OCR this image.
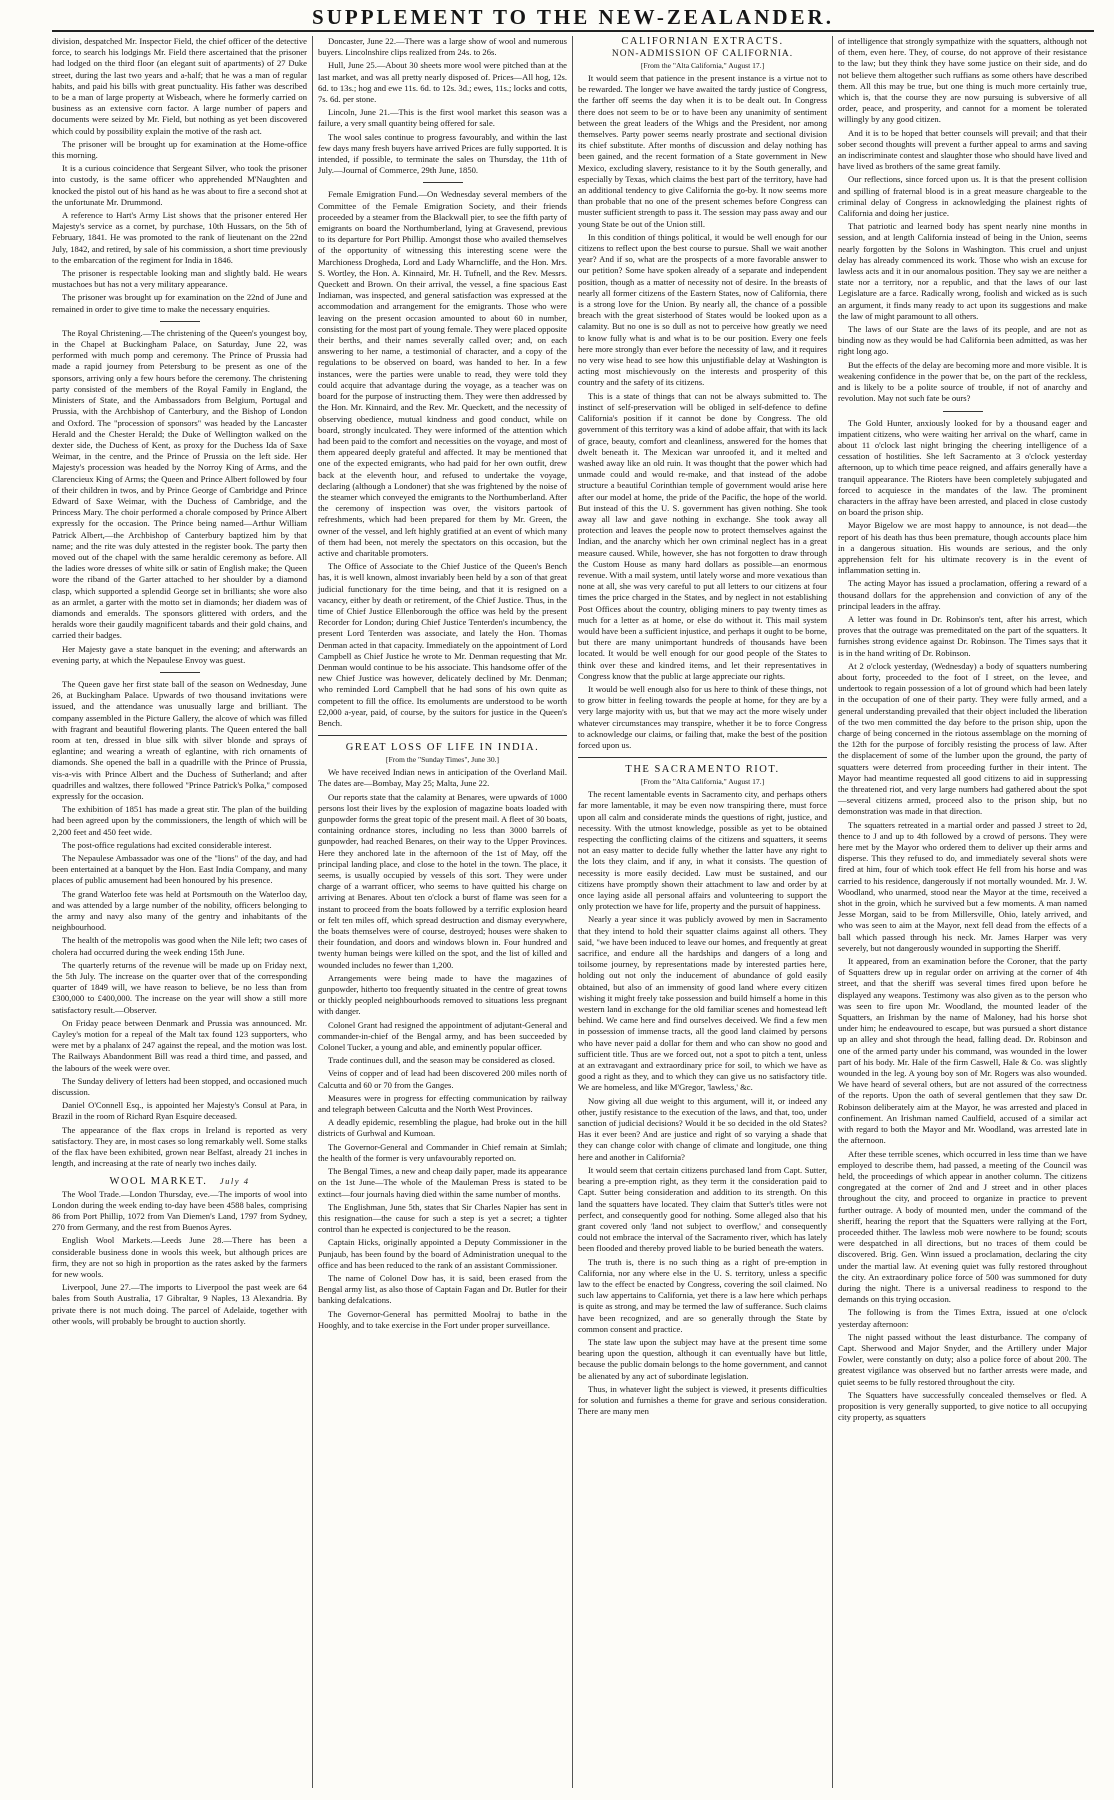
SUPPLEMENT TO THE NEW-ZEALANDER.

division, despatched Mr. Inspector Field, the chief officer of the detective force, to search his lodgings Mr. Field there ascertained that the prisoner had lodged on the third floor (an elegant suit of apartments) of 27 Duke street, during the last two years and a-half; that he was a man of regular habits, and paid his bills with great punctuality. His father was described to be a man of large property at Wisbeach, where he formerly carried on business as an extensive corn factor. A large number of papers and documents were seized by Mr. Field, but nothing as yet been discovered which could by possibility explain the motive of the rash act.

The prisoner will be brought up for examination at the Home-office this morning.

It is a curious coincidence that Sergeant Silver, who took the prisoner into custody, is the same officer who apprehended M'Naughten and knocked the pistol out of his hand as he was about to fire a second shot at the unfortunate Mr. Drummond.

A reference to Hart's Army List shows that the prisoner entered Her Majesty's service as a cornet, by purchase, 10th Hussars, on the 5th of February, 1841. He was promoted to the rank of lieutenant on the 22nd July, 1842, and retired, by sale of his commission, a short time previously to the embarcation of the regiment for India in 1846.

The prisoner is respectable looking man and slightly bald. He wears mustachoes but has not a very military appearance.

The prisoner was brought up for examination on the 22nd of June and remained in order to give time to make the necessary enquiries.

The Royal Christening.—The christening of the Queen's youngest boy, in the Chapel at Buckingham Palace, on Saturday, June 22, was performed with much pomp and ceremony. The Prince of Prussia had made a rapid journey from Petersburg to be present as one of the sponsors, arriving only a few hours before the ceremony. The christening party consisted of the members of the Royal Family in England, the Ministers of State, and the Ambassadors from Belgium, Portugal and Prussia, with the Archbishop of Canterbury, and the Bishop of London and Oxford. The "procession of sponsors" was headed by the Lancaster Herald and the Chester Herald; the Duke of Wellington walked on the dexter side, the Duchess of Kent, as proxy for the Duchess Ida of Saxe Weimar, in the centre, and the Prince of Prussia on the left side. Her Majesty's procession was headed by the Norroy King of Arms, and the Clarencieux King of Arms; the Queen and Prince Albert followed by four of their children in twos, and by Prince George of Cambridge and Prince Edward of Saxe Weimar, with the Duchess of Cambridge, and the Princess Mary. The choir performed a chorale composed by Prince Albert expressly for the occasion. The Prince being named—Arthur William Patrick Albert,—the Archbishop of Canterbury baptized him by that name; and the rite was duly attested in the register book. The party then moved out of the chapel with the same heraldic ceremony as before. All the ladies wore dresses of white silk or satin of English make; the Queen wore the riband of the Garter attached to her shoulder by a diamond clasp, which supported a splendid George set in brilliants; she wore also as an armlet, a garter with the motto set in diamonds; her diadem was of diamonds and emeralds. The sponsors glittered with orders, and the heralds wore their gaudily magnificent tabards and their gold chains, and carried their badges.

Her Majesty gave a state banquet in the evening; and afterwards an evening party, at which the Nepaulese Envoy was guest.

The Queen gave her first state ball of the season on Wednesday, June 26, at Buckingham Palace. Upwards of two thousand invitations were issued, and the attendance was unusually large and brilliant. The company assembled in the Picture Gallery, the alcove of which was filled with fragrant and beautiful flowering plants. The Queen entered the ball room at ten, dressed in blue silk with silver blonde and sprays of eglantine; and wearing a wreath of eglantine, with rich ornaments of diamonds. She opened the ball in a quadrille with the Prince of Prussia, vis-a-vis with Prince Albert and the Duchess of Sutherland; and after quadrilles and waltzes, there followed "Prince Patrick's Polka," composed expressly for the occasion.

The exhibition of 1851 has made a great stir. The plan of the building had been agreed upon by the commissioners, the length of which will be 2,200 feet and 450 feet wide.

The post-office regulations had excited considerable interest.

The Nepaulese Ambassador was one of the "lions" of the day, and had been entertained at a banquet by the Hon. East India Company, and many places of public amusement had been honoured by his presence.

The grand Waterloo fete was held at Portsmouth on the Waterloo day, and was attended by a large number of the nobility, officers belonging to the army and navy also many of the gentry and inhabitants of the neighbourhood.

The health of the metropolis was good when the Nile left; two cases of cholera had occurred during the week ending 15th June.

The quarterly returns of the revenue will be made up on Friday next, the 5th July. The increase on the quarter over that of the corresponding quarter of 1849 will, we have reason to believe, be no less than from £300,000 to £400,000. The increase on the year will show a still more satisfactory result.—Observer.

On Friday peace between Denmark and Prussia was announced. Mr. Cayley's motion for a repeal of the Malt tax found 123 supporters, who were met by a phalanx of 247 against the repeal, and the motion was lost. The Railways Abandonment Bill was read a third time, and passed, and the labours of the week were over.

The Sunday delivery of letters had been stopped, and occasioned much discussion.

Daniel O'Connell Esq., is appointed her Majesty's Consul at Para, in Brazil in the room of Richard Ryan Esquire deceased.

The appearance of the flax crops in Ireland is reported as very satisfactory. They are, in most cases so long remarkably well. Some stalks of the flax have been exhibited, grown near Belfast, already 21 inches in length, and increasing at the rate of nearly two inches daily.

WOOL MARKET. July 4

The Wool Trade.—London Thursday, eve.—The imports of wool into London during the week ending to-day have been 4588 bales, comprising 86 from Port Phillip, 1072 from Van Diemen's Land, 1797 from Sydney, 270 from Germany, and the rest from Buenos Ayres.

English Wool Markets.—Leeds June 28.—There has been a considerable business done in wools this week, but although prices are firm, they are not so high in proportion as the rates asked by the farmers for new wools.

Liverpool, June 27.—The imports to Liverpool the past week are 64 bales from South Australia, 17 Gibraltar, 9 Naples, 13 Alexandria. By private there is not much doing. The parcel of Adelaide, together with other wools, will probably be brought to auction shortly.

Doncaster, June 22.—There was a large show of wool and numerous buyers. Lincolnshire clips realized from 24s. to 26s.

Hull, June 25.—About 30 sheets more wool were pitched than at the last market, and was all pretty nearly disposed of. Prices—All hog, 12s. 6d. to 13s.; hog and ewe 11s. 6d. to 12s. 3d.; ewes, 11s.; locks and cotts, 7s. 6d. per stone.

Lincoln, June 21.—This is the first wool market this season was a failure, a very small quantity being offered for sale.

The wool sales continue to progress favourably, and within the last few days many fresh buyers have arrived Prices are fully supported. It is intended, if possible, to terminate the sales on Thursday, the 11th of July.—Journal of Commerce, 29th June, 1850.

Female Emigration Fund.—On Wednesday several members of the Committee of the Female Emigration Society, and their friends proceeded by a steamer from the Blackwall pier, to see the fifth party of emigrants on board the Northumberland, lying at Gravesend, previous to its departure for Port Phillip. Amongst those who availed themselves of the opportunity of witnessing this interesting scene were the Marchioness Drogheda, Lord and Lady Wharncliffe, and the Hon. Mrs. S. Wortley, the Hon. A. Kinnaird, Mr. H. Tufnell, and the Rev. Messrs. Queckett and Brown. On their arrival, the vessel, a fine spacious East Indiaman, was inspected, and general satisfaction was expressed at the accommodation and arrangement for the emigrants. Those who were leaving on the present occasion amounted to about 60 in number, consisting for the most part of young female. They were placed opposite their berths, and their names severally called over; and, on each answering to her name, a testimonial of character, and a copy of the regulations to be observed on board, was handed to her. In a few instances, were the parties were unable to read, they were told they could acquire that advantage during the voyage, as a teacher was on board for the purpose of instructing them. They were then addressed by the Hon. Mr. Kinnaird, and the Rev. Mr. Queckett, and the necessity of observing obedience, mutual kindness and good conduct, while on board, strongly inculcated. They were informed of the attention which had been paid to the comfort and necessities on the voyage, and most of them appeared deeply grateful and affected. It may be mentioned that one of the expected emigrants, who had paid for her own outfit, drew back at the eleventh hour, and refused to undertake the voyage, declaring (although a Londoner) that she was frightened by the noise of the steamer which conveyed the emigrants to the Northumberland. After the ceremony of inspection was over, the visitors partook of refreshments, which had been prepared for them by Mr. Green, the owner of the vessel, and left highly gratified at an event of which many of them had been, not merely the spectators on this occasion, but the active and charitable promoters.

The Office of Associate to the Chief Justice of the Queen's Bench has, it is well known, almost invariably been held by a son of that great judicial functionary for the time being, and that it is resigned on a vacancy, either by death or retirement, of the Chief Justice. Thus, in the time of Chief Justice Ellenborough the office was held by the present Recorder for London; during Chief Justice Tenterden's incumbency, the present Lord Tenterden was associate, and lately the Hon. Thomas Denman acted in that capacity. Immediately on the appointment of Lord Campbell as Chief Justice he wrote to Mr. Denman requesting that Mr. Denman would continue to be his associate. This handsome offer of the new Chief Justice was however, delicately declined by Mr. Denman; who reminded Lord Campbell that he had sons of his own quite as competent to fill the office. Its emoluments are understood to be worth £2,000 a-year, paid, of course, by the suitors for justice in the Queen's Bench.

GREAT LOSS OF LIFE IN INDIA.
[From the "Sunday Times", June 30.]

We have received Indian news in anticipation of the Overland Mail. The dates are—Bombay, May 25; Malta, June 22.

Our reports state that the calamity at Benares, were upwards of 1000 persons lost their lives by the explosion of magazine boats loaded with gunpowder forms the great topic of the present mail. A fleet of 30 boats, containing ordnance stores, including no less than 3000 barrels of gunpowder, had reached Benares, on their way to the Upper Provinces. Here they anchored late in the afternoon of the 1st of May, off the principal landing place, and close to the hotel in the town. The place, it seems, is usually occupied by vessels of this sort. They were under charge of a warrant officer, who seems to have quitted his charge on arriving at Benares. About ten o'clock a burst of flame was seen for a instant to proceed from the boats followed by a terrific explosion heard or felt ten miles off, which spread destruction and dismay everywhere, the boats themselves were of course, destroyed; houses were shaken to their foundation, and doors and windows blown in. Four hundred and twenty human beings were killed on the spot, and the list of killed and wounded includes no fewer than 1,200.

Arrangements were being made to have the magazines of gunpowder, hitherto too frequently situated in the centre of great towns or thickly peopled neighbourhoods removed to situations less pregnant with danger.

Colonel Grant had resigned the appointment of adjutant-General and commander-in-chief of the Bengal army, and has been succeeded by Colonel Tucker, a young and able, and eminently popular officer.

Trade continues dull, and the season may be considered as closed.

Veins of copper and of lead had been discovered 200 miles north of Calcutta and 60 or 70 from the Ganges.

Measures were in progress for effecting communication by railway and telegraph between Calcutta and the North West Provinces.

A deadly epidemic, resembling the plague, had broke out in the hill districts of Gurhwal and Kumoan.

The Governor-General and Commander in Chief remain at Simlah; the health of the former is very unfavourably reported on.

The Bengal Times, a new and cheap daily paper, made its appearance on the 1st June—The whole of the Mauleman Press is stated to be extinct—four journals having died within the same number of months.

The Englishman, June 5th, states that Sir Charles Napier has sent in this resignation—the cause for such a step is yet a secret; a tighter control than he expected is conjectured to be the reason.

Captain Hicks, originally appointed a Deputy Commissioner in the Punjaub, has been found by the board of Administration unequal to the office and has been reduced to the rank of an assistant Commissioner.

The name of Colonel Dow has, it is said, been erased from the Bengal army list, as also those of Captain Fagan and Dr. Butler for their banking defalcations.

The Governor-General has permitted Moolraj to bathe in the Hooghly, and to take exercise in the Fort under proper surveillance.

CALIFORNIAN EXTRACTS.
NON-ADMISSION OF CALIFORNIA.
[From the "Alta California," August 17.]

It would seem that patience in the present instance is a virtue not to be rewarded. The longer we have awaited the tardy justice of Congress, the farther off seems the day when it is to be dealt out. In Congress there does not seem to be or to have been any unanimity of sentiment between the great leaders of the Whigs and the President, nor among themselves. Party power seems nearly prostrate and sectional division its chief substitute. After months of discussion and delay nothing has been gained, and the recent formation of a State government in New Mexico, excluding slavery, resistance to it by the South generally, and especially by Texas, which claims the best part of the territory, have had an additional tendency to give California the go-by. It now seems more than probable that no one of the present schemes before Congress can muster sufficient strength to pass it. The session may pass away and our young State be out of the Union still.

In this condition of things political, it would be well enough for our citizens to reflect upon the best course to pursue. Shall we wait another year? And if so, what are the prospects of a more favorable answer to our petition? Some have spoken already of a separate and independent position, though as a matter of necessity not of desire. In the breasts of nearly all former citizens of the Eastern States, now of California, there is a strong love for the Union. By nearly all, the chance of a possible breach with the great sisterhood of States would be looked upon as a calamity. But no one is so dull as not to perceive how greatly we need to know fully what is and what is to be our position. Every one feels here more strongly than ever before the necessity of law, and it requires no very wise head to see how this unjustifiable delay at Washington is acting most mischievously on the interests and prosperity of this country and the safety of its citizens.

This is a state of things that can not be always submitted to. The instinct of self-preservation will be obliged in self-defence to define California's position if it cannot be done by Congress. The old government of this territory was a kind of adobe affair, that with its lack of grace, beauty, comfort and cleanliness, answered for the homes that dwelt beneath it. The Mexican war unroofed it, and it melted and washed away like an old ruin. It was thought that the power which had unmade could and would re-make, and that instead of the adobe structure a beautiful Corinthian temple of government would arise here after our model at home, the pride of the Pacific, the hope of the world. But instead of this the U. S. government has given nothing. She took away all law and gave nothing in exchange. She took away all protection and leaves the people now to protect themselves against the Indian, and the anarchy which her own criminal neglect has in a great measure caused. While, however, she has not forgotten to draw through the Custom House as many hard dollars as possible—an enormous revenue. With a mail system, until lately worse and more vexatious than none at all, she was very careful to put all letters to our citizens at four times the price charged in the States, and by neglect in not establishing Post Offices about the country, obliging miners to pay twenty times as much for a letter as at home, or else do without it. This mail system would have been a sufficient injustice, and perhaps it ought to be borne, but there are many unimportant hundreds of thousands have been located. It would be well enough for our good people of the States to think over these and kindred items, and let their representatives in Congress know that the public at large appreciate our rights.

It would be well enough also for us here to think of these things, not to grow bitter in feeling towards the people at home, for they are by a very large majority with us, but that we may act the more wisely under whatever circumstances may transpire, whether it be to force Congress to acknowledge our claims, or failing that, make the best of the position forced upon us.

THE SACRAMENTO RIOT.
[From the "Alta California," August 17.]

The recent lamentable events in Sacramento city, and perhaps others far more lamentable, it may be even now transpiring there, must force upon all calm and considerate minds the questions of right, justice, and necessity. With the utmost knowledge, possible as yet to be obtained respecting the conflicting claims of the citizens and squatters, it seems not an easy matter to decide fully whether the latter have any right to the lots they claim, and if any, in what it consists. The question of necessity is more easily decided. Law must be sustained, and our citizens have promptly shown their attachment to law and order by at once laying aside all personal affairs and volunteering to support the only protection we have for life, property and the pursuit of happiness.

Nearly a year since it was publicly avowed by men in Sacramento that they intend to hold their squatter claims against all others. They said, "we have been induced to leave our homes, and frequently at great sacrifice, and endure all the hardships and dangers of a long and toilsome journey, by representations made by interested parties here, holding out not only the inducement of abundance of gold easily obtained, but also of an immensity of good land where every citizen wishing it might freely take possession and build himself a home in this western land in exchange for the old familiar scenes and homestead left behind. We came here and find ourselves deceived. We find a few men in possession of immense tracts, all the good land claimed by persons who have never paid a dollar for them and who can show no good and sufficient title. Thus are we forced out, not a spot to pitch a tent, unless at an extravagant and extraordinary price for soil, to which we have as good a right as they, and to which they can give us no satisfactory title. We are homeless, and like M'Gregor, 'lawless,' &c.

Now giving all due weight to this argument, will it, or indeed any other, justify resistance to the execution of the laws, and that, too, under sanction of judicial decisions? Would it be so decided in the old States? Has it ever been? And are justice and right of so varying a shade that they can change color with change of climate and longitude, one thing here and another in California?

It would seem that certain citizens purchased land from Capt. Sutter, bearing a pre-emption right, as they term it the consideration paid to Capt. Sutter being consideration and addition to its strength. On this land the squatters have located. They claim that Sutter's titles were not perfect, and consequently good for nothing. Some alleged also that his grant covered only 'land not subject to overflow,' and consequently could not embrace the interval of the Sacramento river, which has lately been flooded and thereby proved liable to be buried beneath the waters.

The truth is, there is no such thing as a right of pre-emption in California, nor any where else in the U. S. territory, unless a specific law to the effect be enacted by Congress, covering the soil claimed. No such law appertains to California, yet there is a law here which perhaps is quite as strong, and may be termed the law of sufferance. Such claims have been recognized, and are so generally through the State by common consent and practice.

The state law upon the subject may have at the present time some bearing upon the question, although it can eventually have but little, because the public domain belongs to the home government, and cannot be alienated by any act of subordinate legislation.

Thus, in whatever light the subject is viewed, it presents difficulties for solution and furnishes a theme for grave and serious consideration. There are many men

of intelligence that strongly sympathize with the squatters, although not of them, even here. They, of course, do not approve of their resistance to the law; but they think they have some justice on their side, and do not believe them altogether such ruffians as some others have described them. All this may be true, but one thing is much more certainly true, which is, that the course they are now pursuing is subversive of all order, peace, and prosperity, and cannot for a moment be tolerated willingly by any good citizen.

And it is to be hoped that better counsels will prevail; and that their sober second thoughts will prevent a further appeal to arms and saving an indiscriminate contest and slaughter those who should have lived and have lived as brothers of the same great family.

Our reflections, since forced upon us. It is that the present collision and spilling of fraternal blood is in a great measure chargeable to the criminal delay of Congress in acknowledging the plainest rights of California and doing her justice.

That patriotic and learned body has spent nearly nine months in session, and at length California instead of being in the Union, seems nearly forgotten by the Solons in Washington. This cruel and unjust delay has already commenced its work. Those who wish an excuse for lawless acts and it in our anomalous position. They say we are neither a state nor a territory, nor a republic, and that the laws of our last Legislature are a farce. Radically wrong, foolish and wicked as is such an argument, it finds many ready to act upon its suggestions and make the law of might paramount to all others.

The laws of our State are the laws of its people, and are not as binding now as they would be had California been admitted, as was her right long ago.

But the effects of the delay are becoming more and more visible. It is weakening confidence in the power that be, on the part of the reckless, and is likely to be a polite source of trouble, if not of anarchy and revolution. May not such fate be ours?

The Gold Hunter, anxiously looked for by a thousand eager and impatient citizens, who were waiting her arrival on the wharf, came in about 11 o'clock last night bringing the cheering intelligence of a cessation of hostilities. She left Sacramento at 3 o'clock yesterday afternoon, up to which time peace reigned, and affairs generally have a tranquil appearance. The Rioters have been completely subjugated and forced to acquiesce in the mandates of the law. The prominent characters in the affray have been arrested, and placed in close custody on board the prison ship.

Mayor Bigelow we are most happy to announce, is not dead—the report of his death has thus been premature, though accounts place him in a dangerous situation. His wounds are serious, and the only apprehension felt for his ultimate recovery is in the event of inflammation setting in.

The acting Mayor has issued a proclamation, offering a reward of a thousand dollars for the apprehension and conviction of any of the principal leaders in the affray.

A letter was found in Dr. Robinson's tent, after his arrest, which proves that the outrage was premeditated on the part of the squatters. It furnishes strong evidence against Dr. Robinson. The Times says that it is in the hand writing of Dr. Robinson.

At 2 o'clock yesterday, (Wednesday) a body of squatters numbering about forty, proceeded to the foot of I street, on the levee, and undertook to regain possession of a lot of ground which had been lately in the occupation of one of their party. They were fully armed, and a general understanding prevailed that their object included the liberation of the two men committed the day before to the prison ship, upon the charge of being concerned in the riotous assemblage on the morning of the 12th for the purpose of forcibly resisting the process of law. After the displacement of some of the lumber upon the ground, the party of squatters were deterred from proceeding further in their intent. The Mayor had meantime requested all good citizens to aid in suppressing the threatened riot, and very large numbers had gathered about the spot—several citizens armed, proceed also to the prison ship, but no demonstration was made in that direction.

The squatters retreated in a martial order and passed J street to 2d, thence to J and up to 4th followed by a crowd of persons. They were here met by the Mayor who ordered them to deliver up their arms and disperse. This they refused to do, and immediately several shots were fired at him, four of which took effect He fell from his horse and was carried to his residence, dangerously if not mortally wounded. Mr. J. W. Woodland, who unarmed, stood near the Mayor at the time, received a shot in the groin, which he survived but a few moments. A man named Jesse Morgan, said to be from Millersville, Ohio, lately arrived, and who was seen to aim at the Mayor, next fell dead from the effects of a ball which passed through his neck. Mr. James Harper was very severely, but not dangerously wounded in supporting the Sheriff.

It appeared, from an examination before the Coroner, that the party of Squatters drew up in regular order on arriving at the corner of 4th street, and that the sheriff was several times fired upon before he displayed any weapons. Testimony was also given as to the person who was seen to fire upon Mr. Woodland, the mounted leader of the Squatters, an Irishman by the name of Maloney, had his horse shot under him; he endeavoured to escape, but was pursued a short distance up an alley and shot through the head, falling dead. Dr. Robinson and one of the armed party under his command, was wounded in the lower part of his body. Mr. Hale of the firm Caswell, Hale & Co. was slightly wounded in the leg. A young boy son of Mr. Rogers was also wounded. We have heard of several others, but are not assured of the correctness of the reports. Upon the oath of several gentlemen that they saw Dr. Robinson deliberately aim at the Mayor, he was arrested and placed in confinement. An Irishman named Caulfield, accused of a similar act with regard to both the Mayor and Mr. Woodland, was arrested late in the afternoon.

After these terrible scenes, which occurred in less time than we have employed to describe them, had passed, a meeting of the Council was held, the proceedings of which appear in another column. The citizens congregated at the corner of 2nd and J street and in other places throughout the city, and proceed to organize in practice to prevent further outrage. A body of mounted men, under the command of the sheriff, hearing the report that the Squatters were rallying at the Fort, proceeded thither. The lawless mob were nowhere to be found; scouts were despatched in all directions, but no traces of them could be discovered. Brig. Gen. Winn issued a proclamation, declaring the city under the martial law. At evening quiet was fully restored throughout the city. An extraordinary police force of 500 was summoned for duty during the night. There is a universal readiness to respond to the demands on this trying occasion.

The following is from the Times Extra, issued at one o'clock yesterday afternoon:

The night passed without the least disturbance. The company of Capt. Sherwood and Major Snyder, and the Artillery under Major Fowler, were constantly on duty; also a police force of about 200. The greatest vigilance was observed but no farther arrests were made, and quiet seems to be fully restored throughout the city.

The Squatters have successfully concealed themselves or fled. A proposition is very generally supported, to give notice to all occupying city property, as squatters
